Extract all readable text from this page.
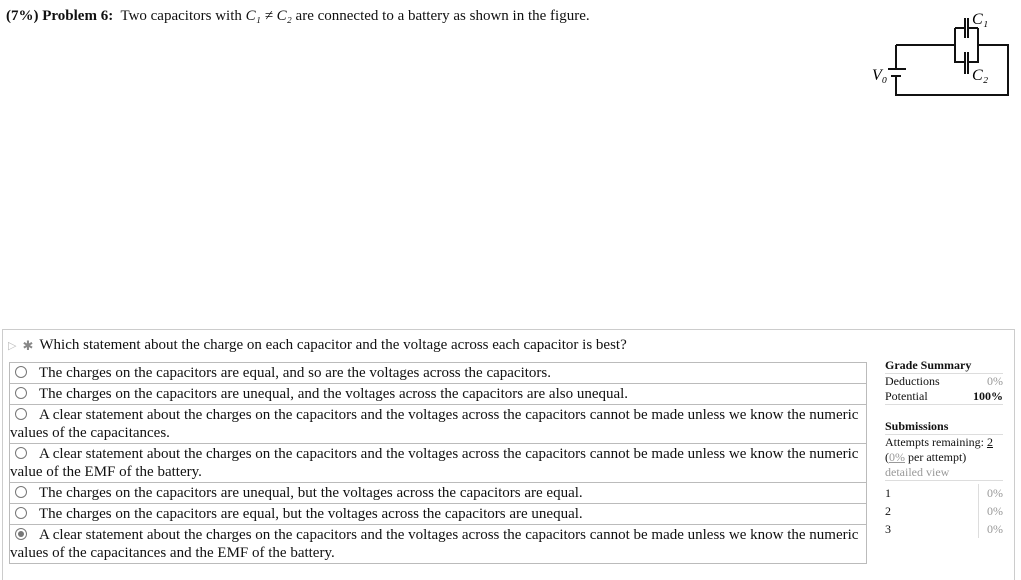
(7%) Problem 6: Two capacitors with C₁ ≠ C₂ are connected to a battery as shown in the figure.
V₀
C₁
C₂
▷ ✱ Which statement about the charge on each capacitor and the voltage across each capacitor is best?
The charges on the capacitors are equal, and so are the voltages across the capacitors.
The charges on the capacitors are unequal, and the voltages across the capacitors are also unequal.
A clear statement about the charges on the capacitors and the voltages across the capacitors cannot be made unless we know the numeric values of the capacitances.
A clear statement about the charges on the capacitors and the voltages across the capacitors cannot be made unless we know the numeric value of the EMF of the battery.
The charges on the capacitors are unequal, but the voltages across the capacitors are equal.
The charges on the capacitors are equal, but the voltages across the capacitors are unequal.
A clear statement about the charges on the capacitors and the voltages across the capacitors cannot be made unless we know the numeric values of the capacitances and the EMF of the battery.
Grade Summary
Deductions	0%
Potential	100%
Submissions
Attempts remaining: 2
(0% per attempt)
detailed view
1	0%
2	0%
3	0%
